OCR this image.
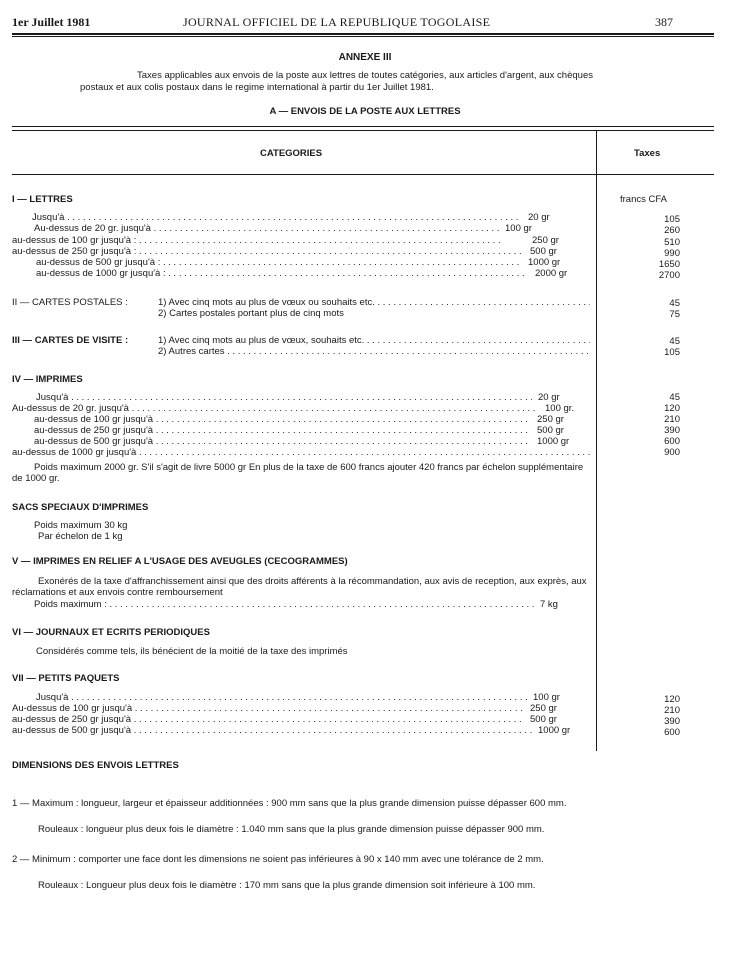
1er Juillet 1981	JOURNAL OFFICIEL DE LA REPUBLIQUE TOGOLAISE	387
ANNEXE III
Taxes applicables aux envois de la poste aux lettres de toutes catégories, aux articles d'argent, aux chèques
postaux et aux colis postaux dans le regime international à partir du 1er Juillet 1981.
A — ENVOIS DE LA POSTE AUX LETTRES
CATEGORIES	Taxes
I — LETTRES	francs CFA
Jusqu'à . . .	20 gr	105
Au-dessus de 20 gr. jusqu'à . . .	100 gr	260
au-dessus de 100 gr jusqu'à : . . .	250 gr	510
au-dessus de 250 gr jusqu'à : . . .	500 gr	990
au-dessus de 500 gr jusqu'à : . . .	1000 gr	1650
au-dessus de 1000 gr jusqu'à : . . .	2000 gr	2700
II — CARTES POSTALES :	1) Avec cinq mots au plus de vœux ou souhaits etc. . . .	45
2) Cartes postales portant plus de cinq mots	75
III — CARTES DE VISITE :	1) Avec cinq mots au plus de vœux, souhaits etc. . . .	45
2) Autres cartes . . .	105
IV — IMPRIMES
Jusqu'à . . .	20 gr	45
Au-dessus de 20 gr. jusqu'à . . .	100 gr.	120
au-dessus de 100 gr jusqu'à . . .	250 gr	210
au-dessus de 250 gr jusqu'à . . .	500 gr	390
au-dessus de 500 gr jusqu'à . . .	1000 gr	600
au-dessus de 1000 gr jusqu'à . . .	900
Poids maximum 2000 gr. S'il s'agit de livre 5000 gr En plus de la taxe de 600 francs ajouter 420 francs par échelon supplémentaire de 1000 gr.
SACS SPECIAUX D'IMPRIMES
Poids maximum 30 kg
Par échelon de 1 kg
V — IMPRIMES EN RELIEF A L'USAGE DES AVEUGLES (CECOGRAMMES)
Exonérés de la taxe d'affranchissement ainsi que des droits afférents à la récommandation, aux avis de reception, aux exprès, aux réclamations et aux envois contre remboursement
Poids maximum : . . .	7 kg
VI — JOURNAUX ET ECRITS PERIODIQUES
Considérés comme tels, ils bénécient de la moitié de la taxe des imprimés
VII — PETITS PAQUETS
Jusqu'à . . .	100 gr	120
Au-dessus de 100 gr jusqu'à . . .	250 gr	210
au-dessus de 250 gr jusqu'à . . .	500 gr	390
au-dessus de 500 gr jusqu'à . . .	1000 gr	600
DIMENSIONS DES ENVOIS LETTRES
1 — Maximum : longueur, largeur et épaisseur additionnées : 900 mm sans que la plus grande dimension puisse dépasser 600 mm.
Rouleaux : longueur plus deux fois le diamètre : 1.040 mm sans que la plus grande dimension puisse dépasser 900 mm.
2 — Minimum : comporter une face dont les dimensions ne soient pas inférieures à 90 x 140 mm avec une tolérance de 2 mm.
Rouleaux : Longueur plus deux fois le diamètre : 170 mm sans que la plus grande dimension soit inférieure à 100 mm.
